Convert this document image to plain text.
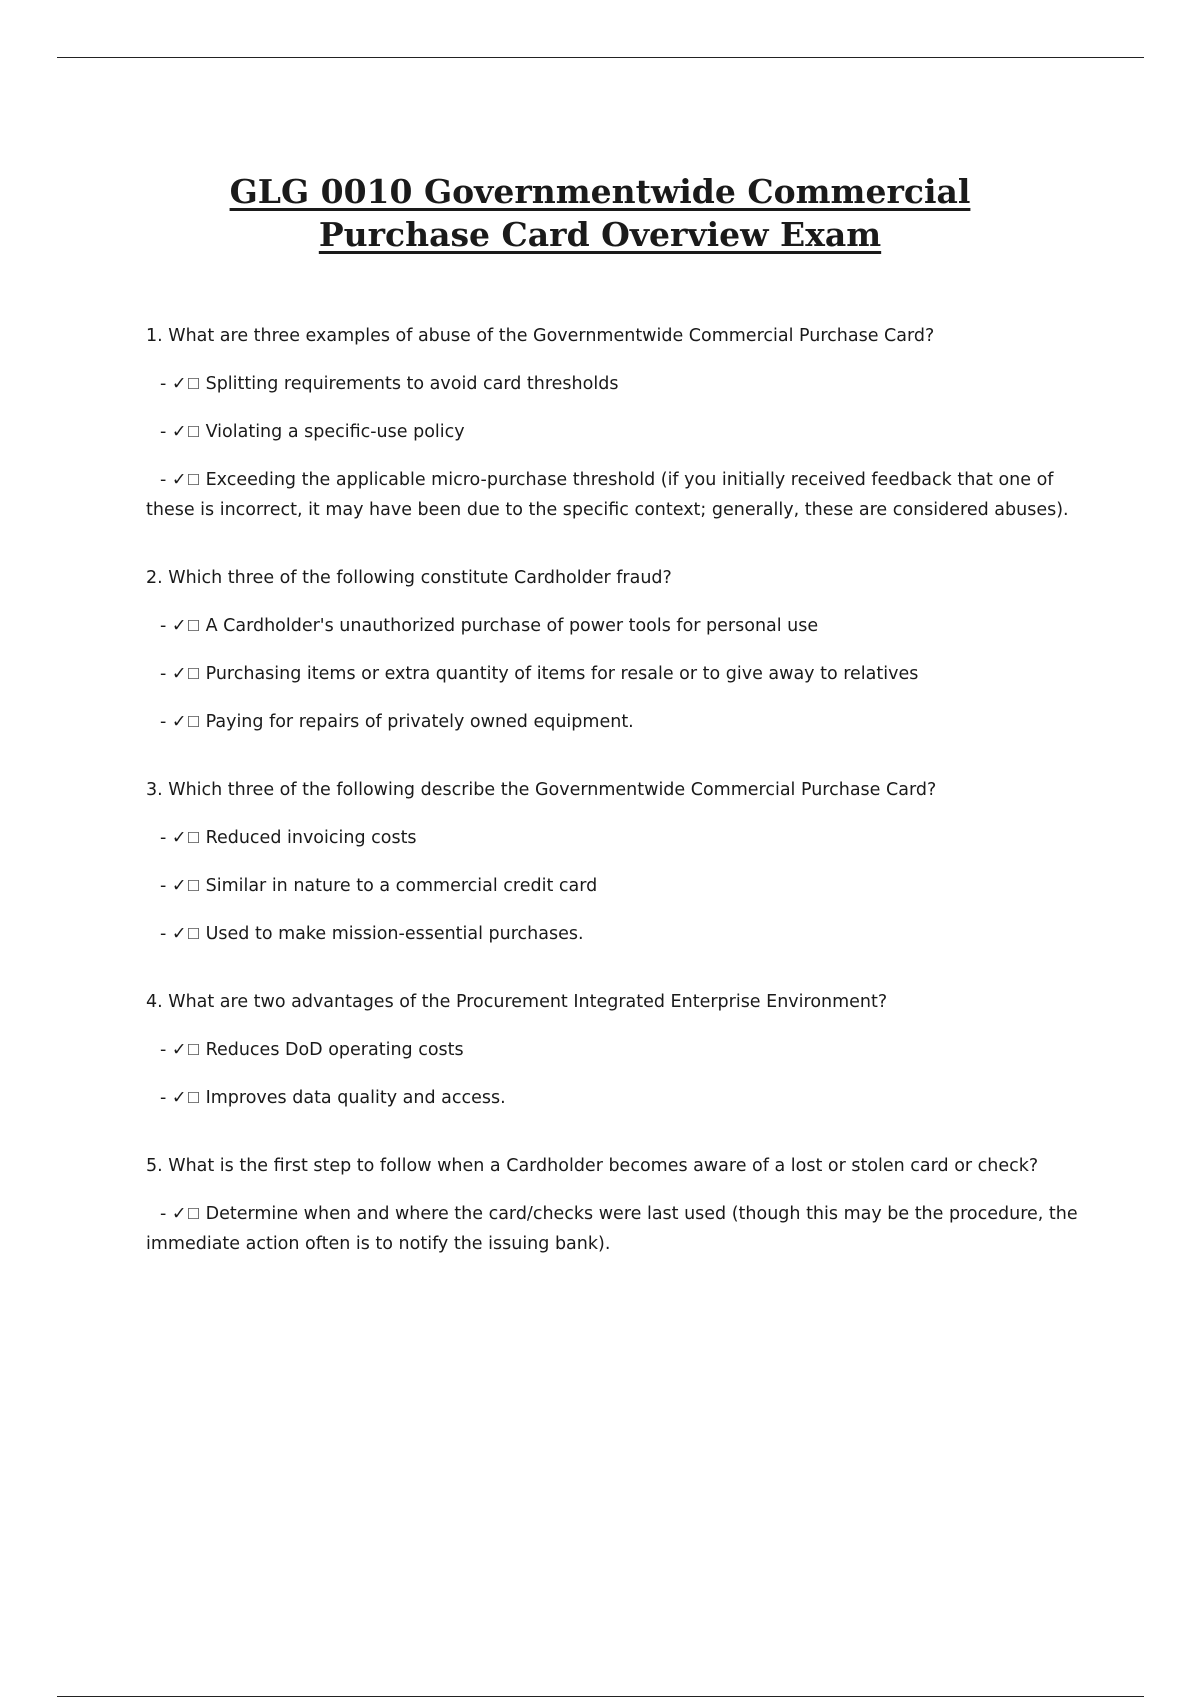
GLG 0010 Governmentwide Commercial Purchase Card Overview Exam

1. What are three examples of abuse of the Governmentwide Commercial Purchase Card?

- ✓☐ Splitting requirements to avoid card thresholds

- ✓☐ Violating a specific-use policy

- ✓☐ Exceeding the applicable micro-purchase threshold (if you initially received feedback that one of these is incorrect, it may have been due to the specific context; generally, these are considered abuses).

2. Which three of the following constitute Cardholder fraud?

- ✓☐ A Cardholder's unauthorized purchase of power tools for personal use

- ✓☐ Purchasing items or extra quantity of items for resale or to give away to relatives

- ✓☐ Paying for repairs of privately owned equipment.

3. Which three of the following describe the Governmentwide Commercial Purchase Card?

- ✓☐ Reduced invoicing costs

- ✓☐ Similar in nature to a commercial credit card

- ✓☐ Used to make mission-essential purchases.

4. What are two advantages of the Procurement Integrated Enterprise Environment?

- ✓☐ Reduces DoD operating costs

- ✓☐ Improves data quality and access.

5. What is the first step to follow when a Cardholder becomes aware of a lost or stolen card or check?

- ✓☐ Determine when and where the card/checks were last used (though this may be the procedure, the immediate action often is to notify the issuing bank).
